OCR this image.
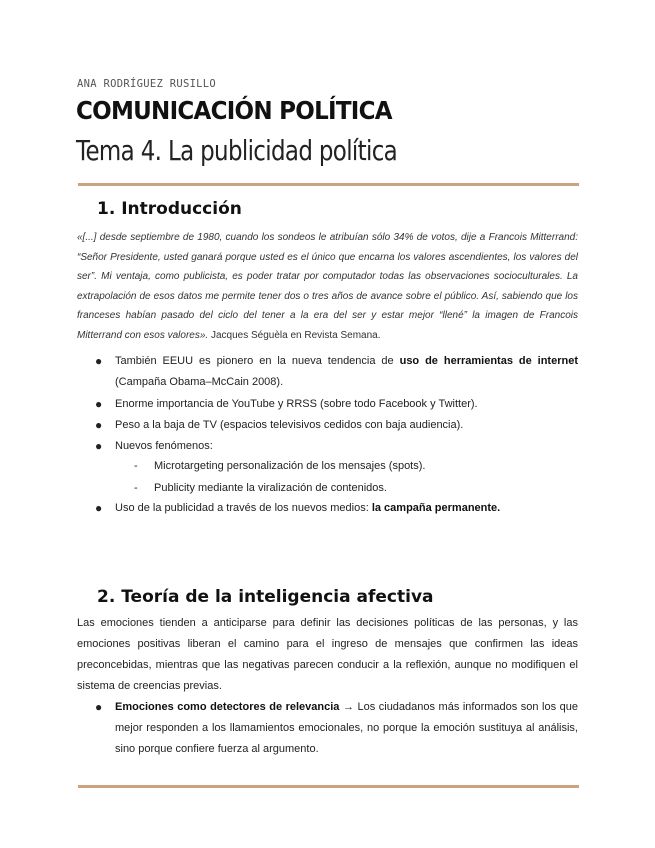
ANA RODRÍGUEZ RUSILLO
COMUNICACIÓN POLÍTICA
Tema 4. La publicidad política
1. Introducción
«[...] desde septiembre de 1980, cuando los sondeos le atribuían sólo 34% de votos, dije a Francois Mitterrand: “Señor Presidente, usted ganará porque usted es el único que encarna los valores ascendientes, los valores del ser”. Mi ventaja, como publicista, es poder tratar por computador todas las observaciones socioculturales. La extrapolación de esos datos me permite tener dos o tres años de avance sobre el público. Así, sabiendo que los franceses habían pasado del ciclo del tener a la era del ser y estar mejor “llené” la imagen de Francois Mitterrand con esos valores». Jacques Séguèla en Revista Semana.
● También EEUU es pionero en la nueva tendencia de uso de herramientas de internet (Campaña Obama–McCain 2008).
● Enorme importancia de YouTube y RRSS (sobre todo Facebook y Twitter).
● Peso a la baja de TV (espacios televisivos cedidos con baja audiencia).
● Nuevos fenómenos:
- Microtargeting personalización de los mensajes (spots).
- Publicity mediante la viralización de contenidos.
● Uso de la publicidad a través de los nuevos medios: la campaña permanente.
2. Teoría de la inteligencia afectiva
Las emociones tienden a anticiparse para definir las decisiones políticas de las personas, y las emociones positivas liberan el camino para el ingreso de mensajes que confirmen las ideas preconcebidas, mientras que las negativas parecen conducir a la reflexión, aunque no modifiquen el sistema de creencias previas.
● Emociones como detectores de relevancia → Los ciudadanos más informados son los que mejor responden a los llamamientos emocionales, no porque la emoción sustituya al análisis, sino porque confiere fuerza al argumento.
